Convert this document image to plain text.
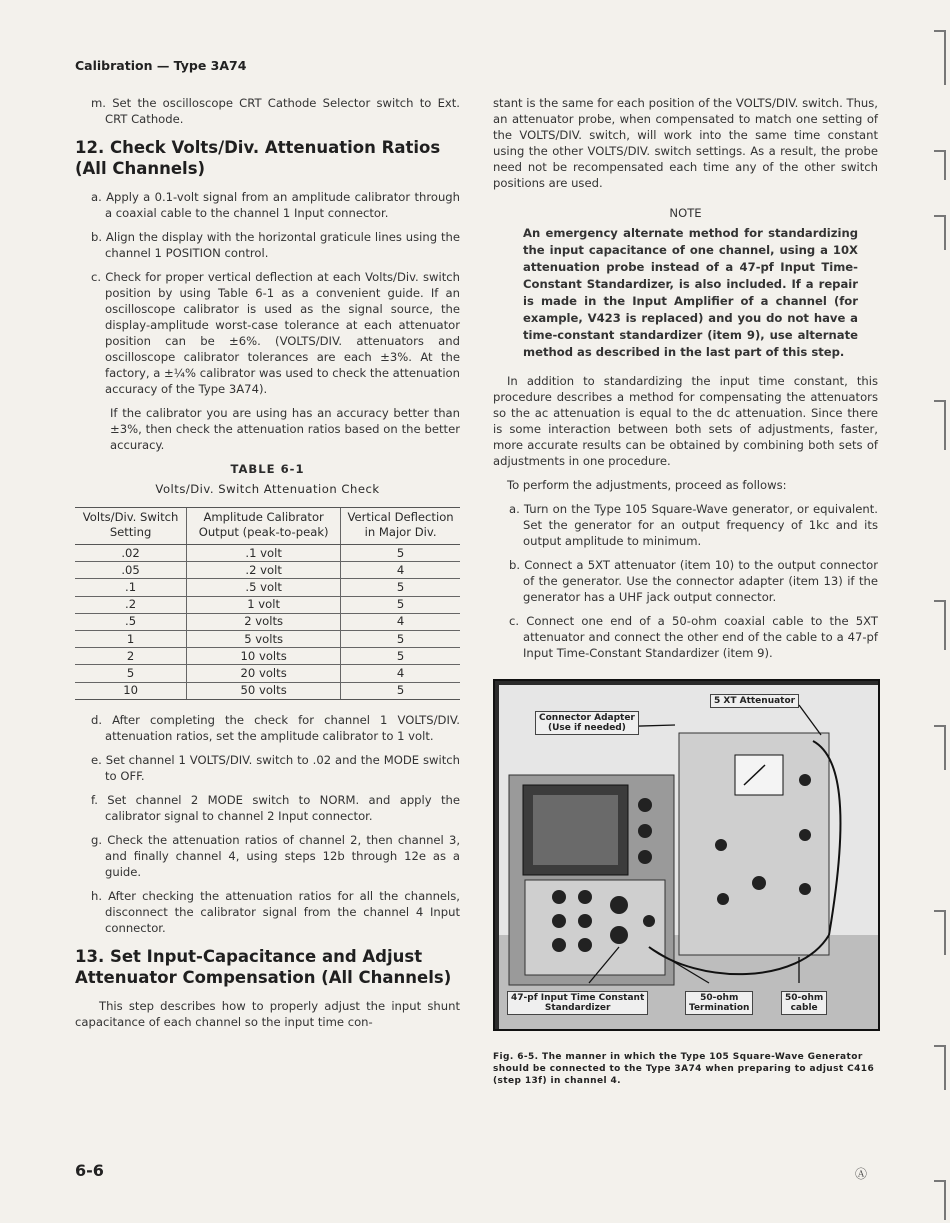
Calibration — Type 3A74
m. Set the oscilloscope CRT Cathode Selector switch to Ext. CRT Cathode.
12. Check Volts/Div. Attenuation Ratios (All Channels)
a. Apply a 0.1-volt signal from an amplitude calibrator through a coaxial cable to the channel 1 Input connector.
b. Align the display with the horizontal graticule lines using the channel 1 POSITION control.
c. Check for proper vertical deflection at each Volts/Div. switch position by using Table 6-1 as a convenient guide. If an oscilloscope calibrator is used as the signal source, the display-amplitude worst-case tolerance at each attenuator position can be ±6%. (VOLTS/DIV. attenuators and oscilloscope calibrator tolerances are each ±3%. At the factory, a ±¼% calibrator was used to check the attenuation accuracy of the Type 3A74).
If the calibrator you are using has an accuracy better than ±3%, then check the attenuation ratios based on the better accuracy.
TABLE 6-1
Volts/Div. Switch Attenuation Check
Volts/Div. Switch Setting	Amplitude Calibrator Output (peak-to-peak)	Vertical Deflection in Major Div.
.02	.1 volt	5
.05	.2 volt	4
.1	.5 volt	5
.2	1 volt	5
.5	2 volts	4
1	5 volts	5
2	10 volts	5
5	20 volts	4
10	50 volts	5
d. After completing the check for channel 1 VOLTS/DIV. attenuation ratios, set the amplitude calibrator to 1 volt.
e. Set channel 1 VOLTS/DIV. switch to .02 and the MODE switch to OFF.
f. Set channel 2 MODE switch to NORM. and apply the calibrator signal to channel 2 Input connector.
g. Check the attenuation ratios of channel 2, then channel 3, and finally channel 4, using steps 12b through 12e as a guide.
h. After checking the attenuation ratios for all the channels, disconnect the calibrator signal from the channel 4 Input connector.
13. Set Input-Capacitance and Adjust Attenuator Compensation (All Channels)
This step describes how to properly adjust the input shunt capacitance of each channel so the input time con-
stant is the same for each position of the VOLTS/DIV. switch. Thus, an attenuator probe, when compensated to match one setting of the VOLTS/DIV. switch, will work into the same time constant using the other VOLTS/DIV. switch settings. As a result, the probe need not be recompensated each time any of the other switch positions are used.
NOTE
An emergency alternate method for standardizing the input capacitance of one channel, using a 10X attenuation probe instead of a 47-pf Input Time-Constant Standardizer, is also included. If a repair is made in the Input Amplifier of a channel (for example, V423 is replaced) and you do not have a time-constant standardizer (item 9), use alternate method as described in the last part of this step.
In addition to standardizing the input time constant, this procedure describes a method for compensating the attenuators so the ac attenuation is equal to the dc attenuation. Since there is some interaction between both sets of adjustments, faster, more accurate results can be obtained by combining both sets of adjustments in one procedure.
To perform the adjustments, proceed as follows:
a. Turn on the Type 105 Square-Wave generator, or equivalent. Set the generator for an output frequency of 1kc and its output amplitude to minimum.
b. Connect a 5XT attenuator (item 10) to the output connector of the generator. Use the connector adapter (item 13) if the generator has a UHF jack output connector.
c. Connect one end of a 50-ohm coaxial cable to the 5XT attenuator and connect the other end of the cable to a 47-pf Input Time-Constant Standardizer (item 9).
5 XT Attenuator
Connector Adapter
(Use if needed)
47-pf Input Time Constant
Standardizer
50-ohm
Termination
50-ohm
cable
Fig. 6-5. The manner in which the Type 105 Square-Wave Generator should be connected to the Type 3A74 when preparing to adjust C416 (step 13f) in channel 4.
6-6	Ⓐ
